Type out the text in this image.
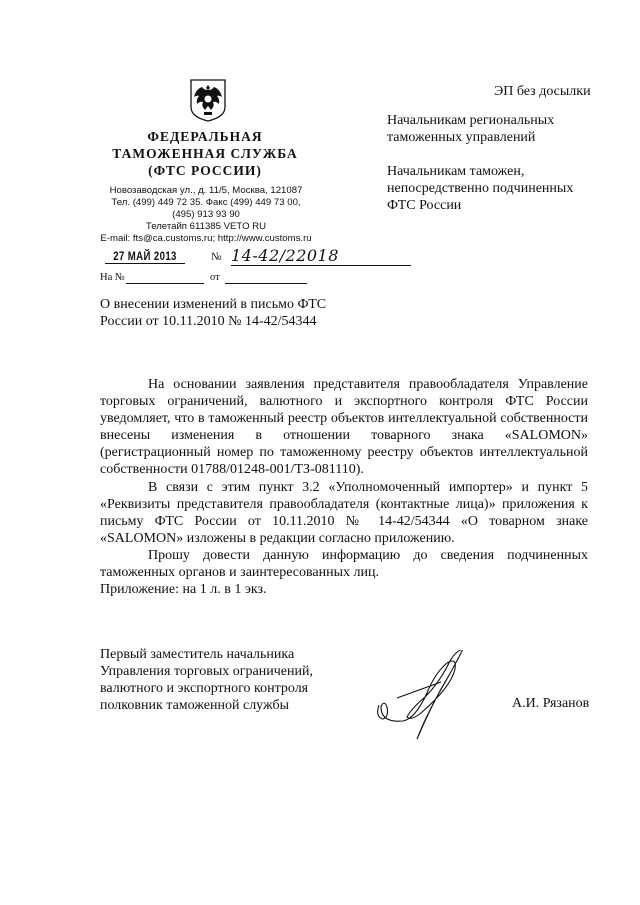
ФЕДЕРАЛЬНАЯ
ТАМОЖЕННАЯ СЛУЖБА
(ФТС РОССИИ)
Новозаводская ул., д. 11/5, Москва, 121087
Тел. (499) 449 72 35. Факс (499) 449 73 00,
(495) 913 93 90
Телетайп 611385 VETO RU
E-mail: fts@ca.customs.ru; http://www.customs.ru
27 МАЙ 2013	№ 14-42/22018
На №	от
О внесении изменений в письмо ФТС
России от 10.11.2010 № 14-42/54344
ЭП без досылки
Начальникам региональных
таможенных управлений
Начальникам таможен,
непосредственно подчиненных
ФТС России

На основании заявления представителя правообладателя Управление торговых ограничений, валютного и экспортного контроля ФТС России уведомляет, что в таможенный реестр объектов интеллектуальной собственности внесены изменения в отношении товарного знака «SALOMON» (регистрационный номер по таможенному реестру объектов интеллектуальной собственности 01788/01248-001/ТЗ-081110).

В связи с этим пункт 3.2 «Уполномоченный импортер» и пункт 5 «Реквизиты представителя правообладателя (контактные лица)» приложения к письму ФТС России от 10.11.2010 № 14-42/54344 «О товарном знаке «SALOMON» изложены в редакции согласно приложению.

Прошу довести данную информацию до сведения подчиненных таможенных органов и заинтересованных лиц.

Приложение: на 1 л. в 1 экз.
Первый заместитель начальника
Управления торговых ограничений,
валютного и экспортного контроля
полковник таможенной службы	А.И. Рязанов
